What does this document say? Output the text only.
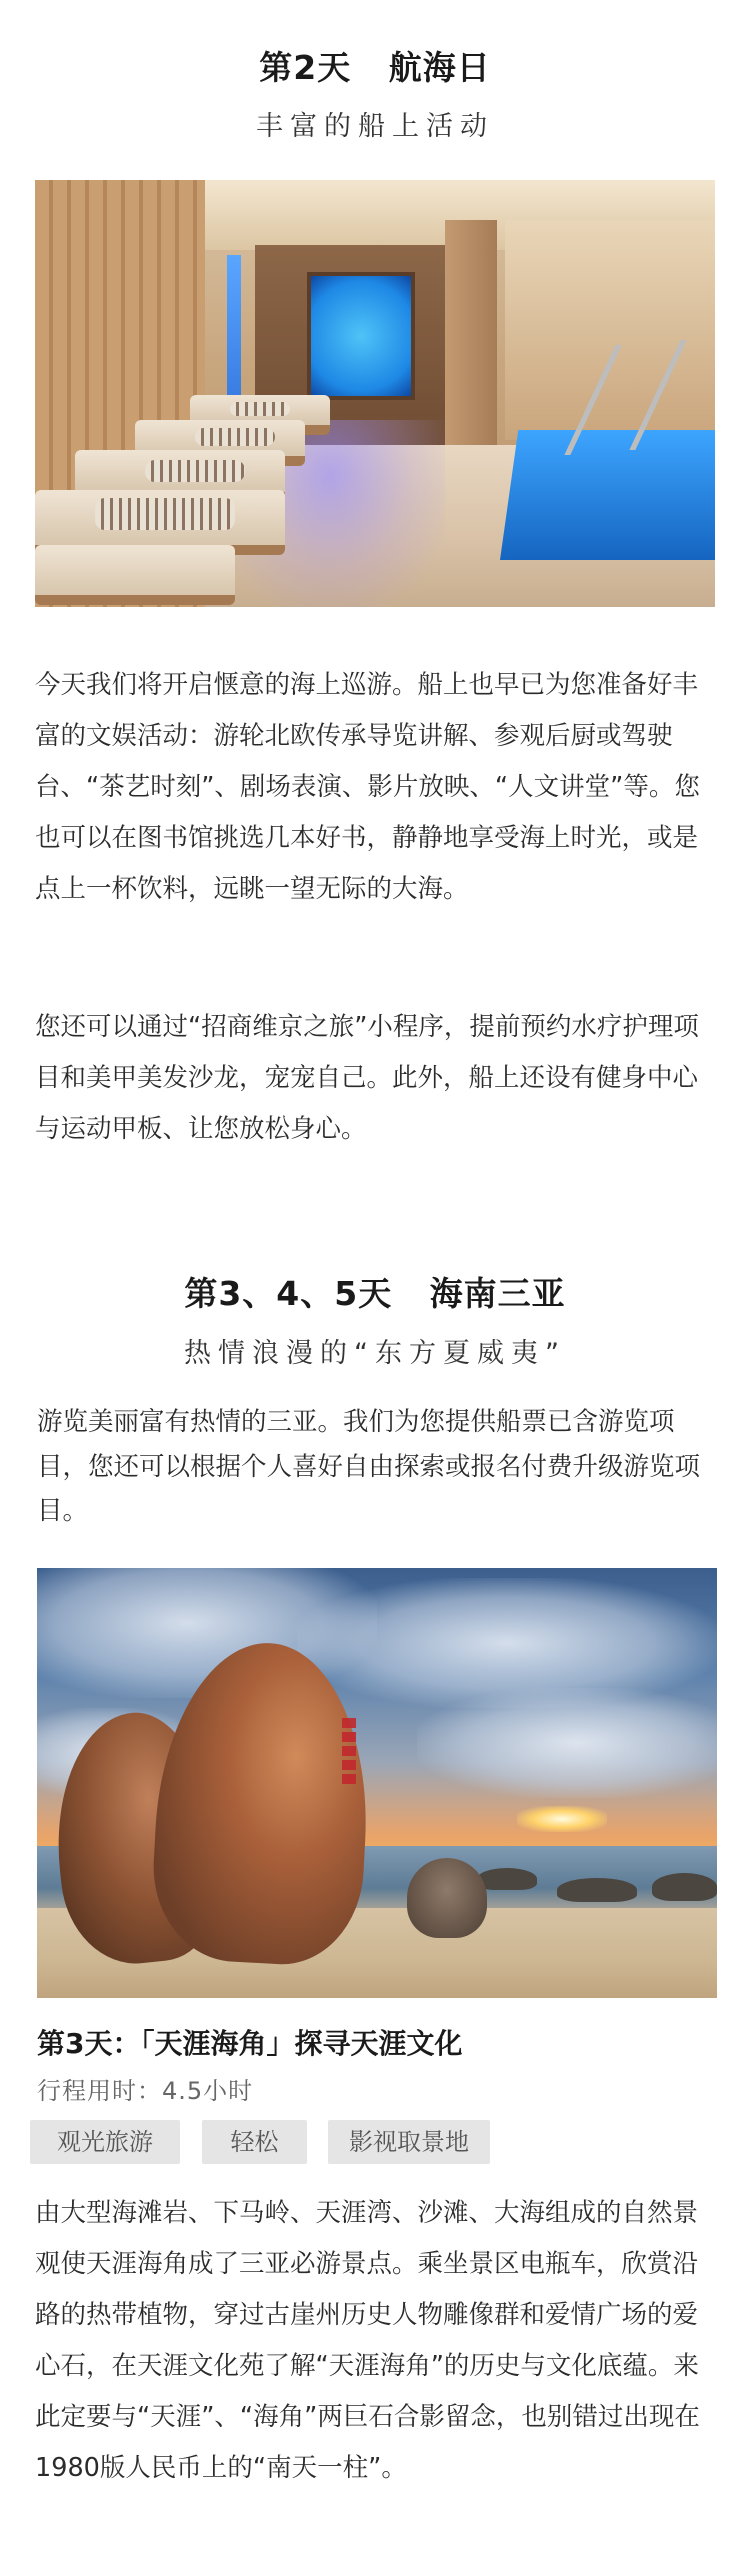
第2天   航海日
丰富的船上活动

今天我们将开启惬意的海上巡游。船上也早已为您准备好丰富的文娱活动：游轮北欧传承导览讲解、参观后厨或驾驶台、“茶艺时刻”、剧场表演、影片放映、“人文讲堂”等。您也可以在图书馆挑选几本好书，静静地享受海上时光，或是点上一杯饮料，远眺一望无际的大海。

您还可以通过“招商维京之旅”小程序，提前预约水疗护理项目和美甲美发沙龙，宠宠自己。此外，船上还设有健身中心与运动甲板、让您放松身心。

第3、4、5天   海南三亚
热情浪漫的“东方夏威夷”

游览美丽富有热情的三亚。我们为您提供船票已含游览项目，您还可以根据个人喜好自由探索或报名付费升级游览项目。

第3天：「天涯海角」探寻天涯文化
行程用时：4.5小时
观光旅游	轻松	影视取景地

由大型海滩岩、下马岭、天涯湾、沙滩、大海组成的自然景观使天涯海角成了三亚必游景点。乘坐景区电瓶车，欣赏沿路的热带植物，穿过古崖州历史人物雕像群和爱情广场的爱心石，在天涯文化苑了解“天涯海角”的历史与文化底蕴。来此定要与“天涯”、“海角”两巨石合影留念，也别错过出现在1980版人民币上的“南天一柱”。
